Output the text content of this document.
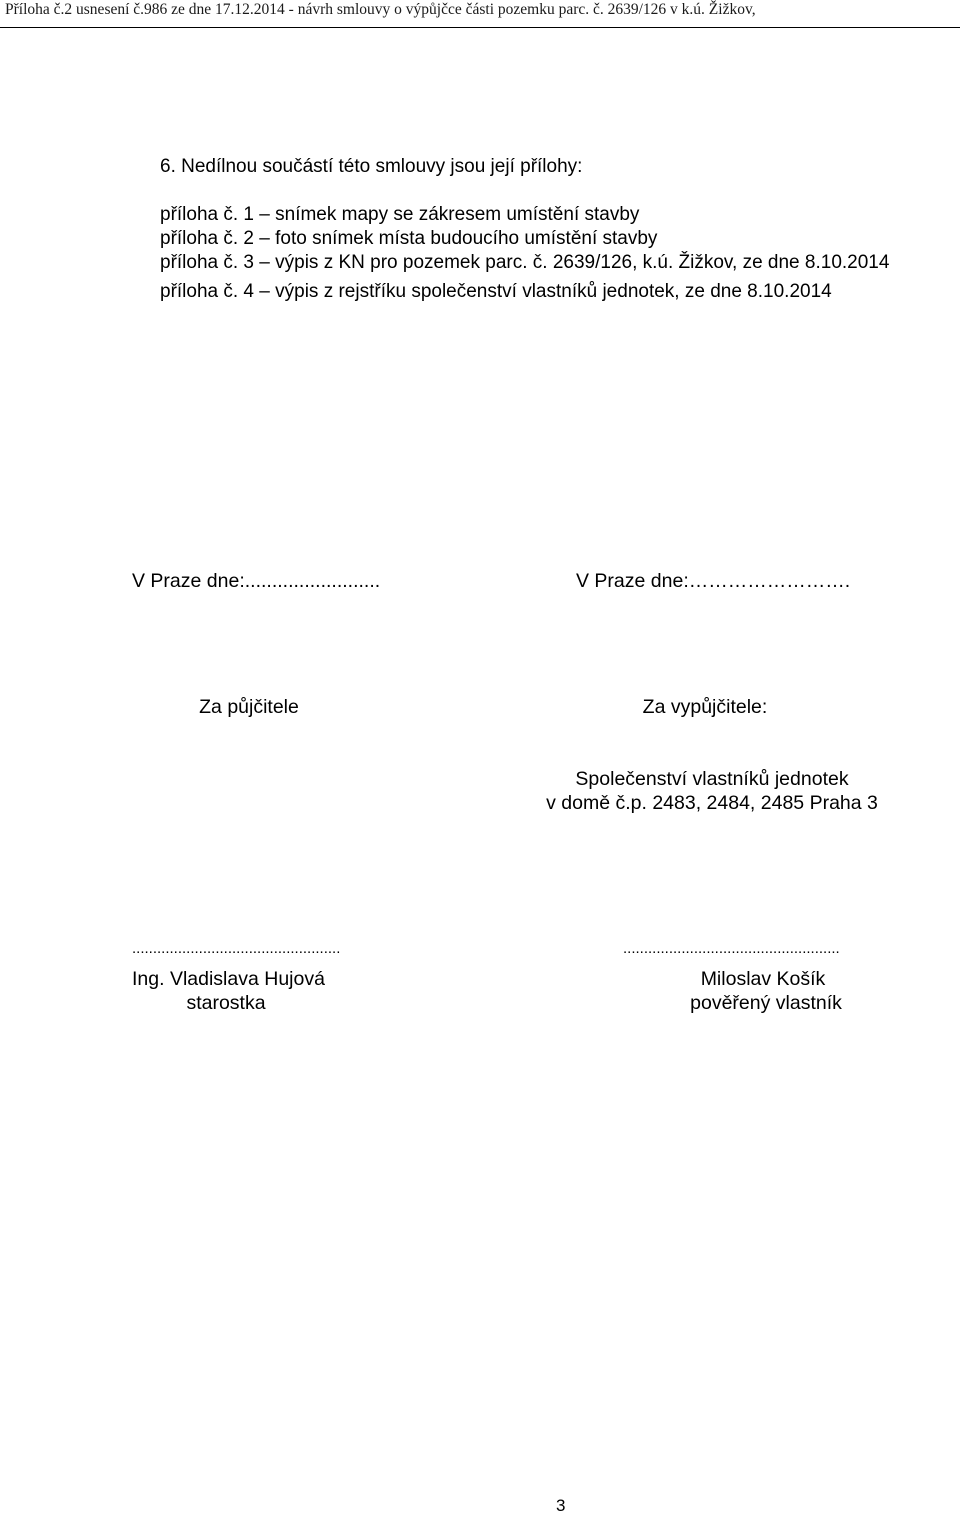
Příloha č.2 usnesení č.986 ze dne 17.12.2014 - návrh smlouvy o výpůjčce části pozemku parc. č. 2639/126 v k.ú. Žižkov,
6. Nedílnou součástí této smlouvy jsou její přílohy:
příloha č. 1 – snímek mapy se zákresem umístění stavby
příloha č. 2 – foto snímek místa budoucího umístění stavby
příloha č. 3 – výpis z KN pro pozemek parc. č. 2639/126, k.ú. Žižkov, ze dne 8.10.2014
příloha č. 4 – výpis z rejstříku společenství vlastníků jednotek, ze dne 8.10.2014
V Praze dne:.........................	V Praze dne:…………………….
Za půjčitele	Za vypůjčitele:
Společenství vlastníků jednotek
v domě č.p. 2483, 2484, 2485 Praha 3
..................................................	....................................................
Ing. Vladislava Hujová
starostka
Miloslav Košík
pověřený vlastník
3
